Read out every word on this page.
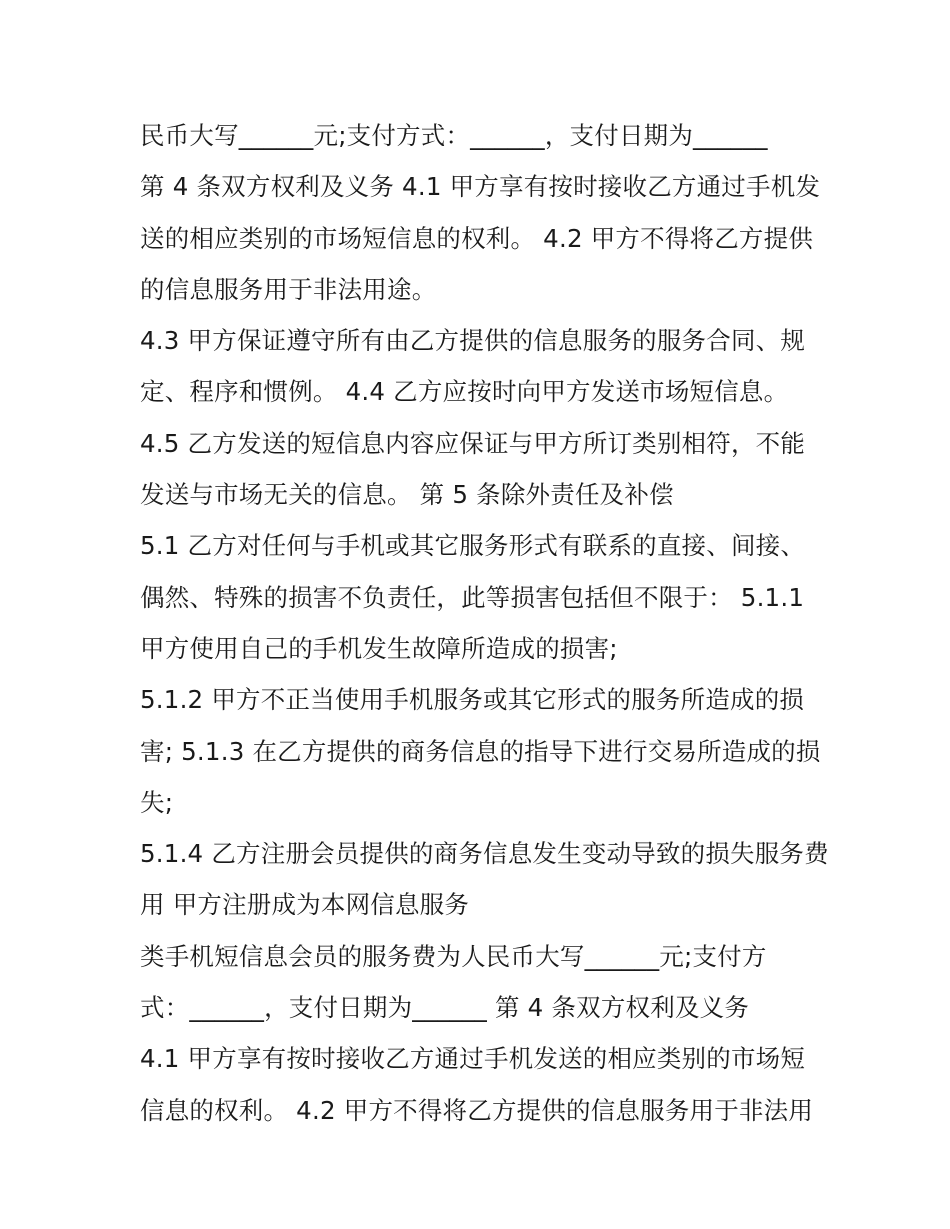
民币大写______元;支付方式：______，支付日期为______
第 4 条双方权利及义务 4.1 甲方享有按时接收乙方通过手机发
送的相应类别的市场短信息的权利。 4.2 甲方不得将乙方提供
的信息服务用于非法用途。
4.3 甲方保证遵守所有由乙方提供的信息服务的服务合同、规
定、程序和惯例。 4.4 乙方应按时向甲方发送市场短信息。
4.5 乙方发送的短信息内容应保证与甲方所订类别相符，不能
发送与市场无关的信息。 第 5 条除外责任及补偿
5.1 乙方对任何与手机或其它服务形式有联系的直接、间接、
偶然、特殊的损害不负责任，此等损害包括但不限于： 5.1.1
甲方使用自己的手机发生故障所造成的损害;
5.1.2 甲方不正当使用手机服务或其它形式的服务所造成的损
害; 5.1.3 在乙方提供的商务信息的指导下进行交易所造成的损
失;
5.1.4 乙方注册会员提供的商务信息发生变动导致的损失服务费
用 甲方注册成为本网信息服务
类手机短信息会员的服务费为人民币大写______元;支付方
式：______，支付日期为______ 第 4 条双方权利及义务
4.1 甲方享有按时接收乙方通过手机发送的相应类别的市场短
信息的权利。 4.2 甲方不得将乙方提供的信息服务用于非法用
